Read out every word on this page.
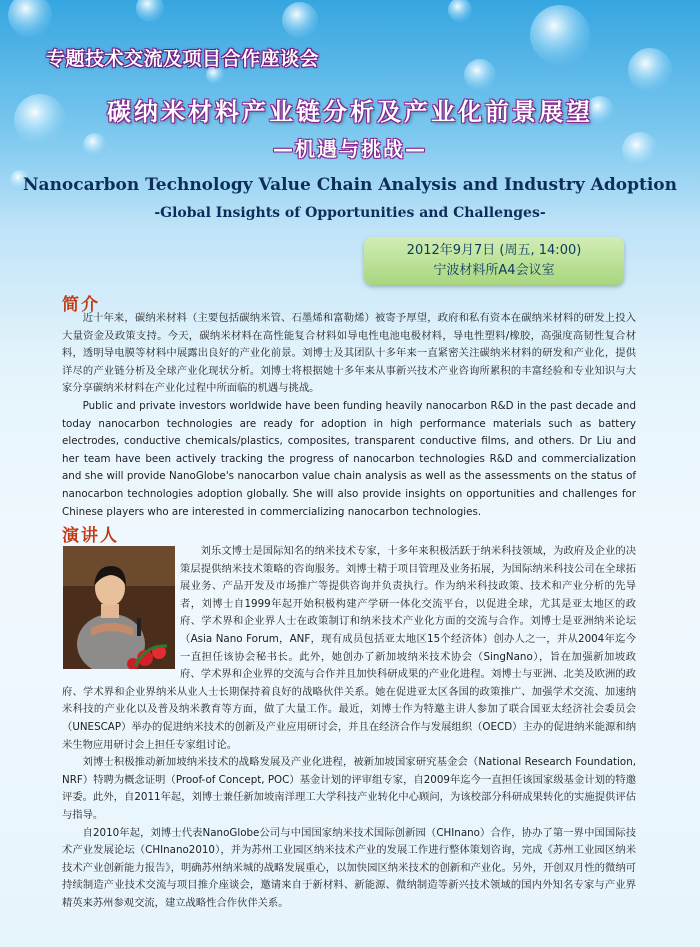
专题技术交流及项目合作座谈会
碳纳米材料产业链分析及产业化前景展望
—机遇与挑战—
Nanocarbon Technology Value Chain Analysis and Industry Adoption
-Global Insights of Opportunities and Challenges-
2012年9月7日 (周五, 14:00)
宁波材料所A4会议室
简介

近十年来，碳纳米材料（主要包括碳纳米管、石墨烯和富勒烯）被寄予厚望，政府和私有资本在碳纳米材料的研发上投入大量资金及政策支持。今天，碳纳米材料在高性能复合材料如导电性电池电极材料，导电性塑料/橡胶，高强度高韧性复合材料，透明导电膜等材料中展露出良好的产业化前景。刘博士及其团队十多年来一直紧密关注碳纳米材料的研发和产业化，提供详尽的产业链分析及全球产业化现状分析。刘博士将根据她十多年来从事新兴技术产业咨询所累积的丰富经验和专业知识与大家分享碳纳米材料在产业化过程中所面临的机遇与挑战。

Public and private investors worldwide have been funding heavily nanocarbon R&D in the past decade and today nanocarbon technologies are ready for adoption in high performance materials such as battery electrodes, conductive chemicals/plastics, composites, transparent conductive films, and others. Dr Liu and her team have been actively tracking the progress of nanocarbon technologies R&D and commercialization and she will provide NanoGlobe's nanocarbon value chain analysis as well as the assessments on the status of nanocarbon technologies adoption globally. She will also provide insights on opportunities and challenges for Chinese players who are interested in commercializing nanocarbon technologies.

演讲人

刘乐文博士是国际知名的纳米技术专家，十多年来积极活跃于纳米科技领域，为政府及企业的决策层提供纳米技术策略的咨询服务。刘博士精于项目管理及业务拓展，为国际纳米科技公司在全球拓展业务、产品开发及市场推广等提供咨询并负责执行。作为纳米科技政策、技术和产业分析的先导者，刘博士自1999年起开始积极构建产学研一体化交流平台，以促进全球，尤其是亚太地区的政府、学术界和企业界人士在政策制订和纳米技术产业化方面的交流与合作。刘博士是亚洲纳米论坛（Asia Nano Forum，ANF，现有成员包括亚太地区15个经济体）创办人之一，并从2004年迄今一直担任该协会秘书长。此外，她创办了新加坡纳米技术协会（SingNano），旨在加强新加坡政府、学术界和企业界的交流与合作并且加快科研成果的产业化进程。刘博士与亚洲、北美及欧洲的政府、学术界和企业界纳米从业人士长期保持着良好的战略伙伴关系。她在促进亚太区各国的政策推广、加强学术交流、加速纳米科技的产业化以及普及纳米教育等方面，做了大量工作。最近，刘博士作为特邀主讲人参加了联合国亚太经济社会委员会（UNESCAP）举办的促进纳米技术的创新及产业应用研讨会，并且在经济合作与发展组织（OECD）主办的促进纳米能源和纳米生物应用研讨会上担任专家组讨论。

刘博士积极推动新加坡纳米技术的战略发展及产业化进程，被新加坡国家研究基金会（National Research Foundation, NRF）特聘为概念证明（Proof-of Concept, POC）基金计划的评审组专家，自2009年迄今一直担任该国家级基金计划的特邀评委。此外，自2011年起，刘博士兼任新加坡南洋理工大学科技产业转化中心顾问，为该校部分科研成果转化的实施提供评估与指导。

自2010年起，刘博士代表NanoGlobe公司与中国国家纳米技术国际创新园（CHInano）合作，协办了第一界中国国际技术产业发展论坛（CHInano2010），并为苏州工业园区纳米技术产业的发展工作进行整体策划咨询，完成《苏州工业园区纳米技术产业创新能力报告》，明确苏州纳米城的战略发展重心，以加快园区纳米技术的创新和产业化。另外，开创双月性的微纳可持续制造产业技术交流与项目推介座谈会，邀请来自于新材料、新能源、微纳制造等新兴技术领域的国内外知名专家与产业界精英来苏州参观交流，建立战略性合作伙伴关系。
